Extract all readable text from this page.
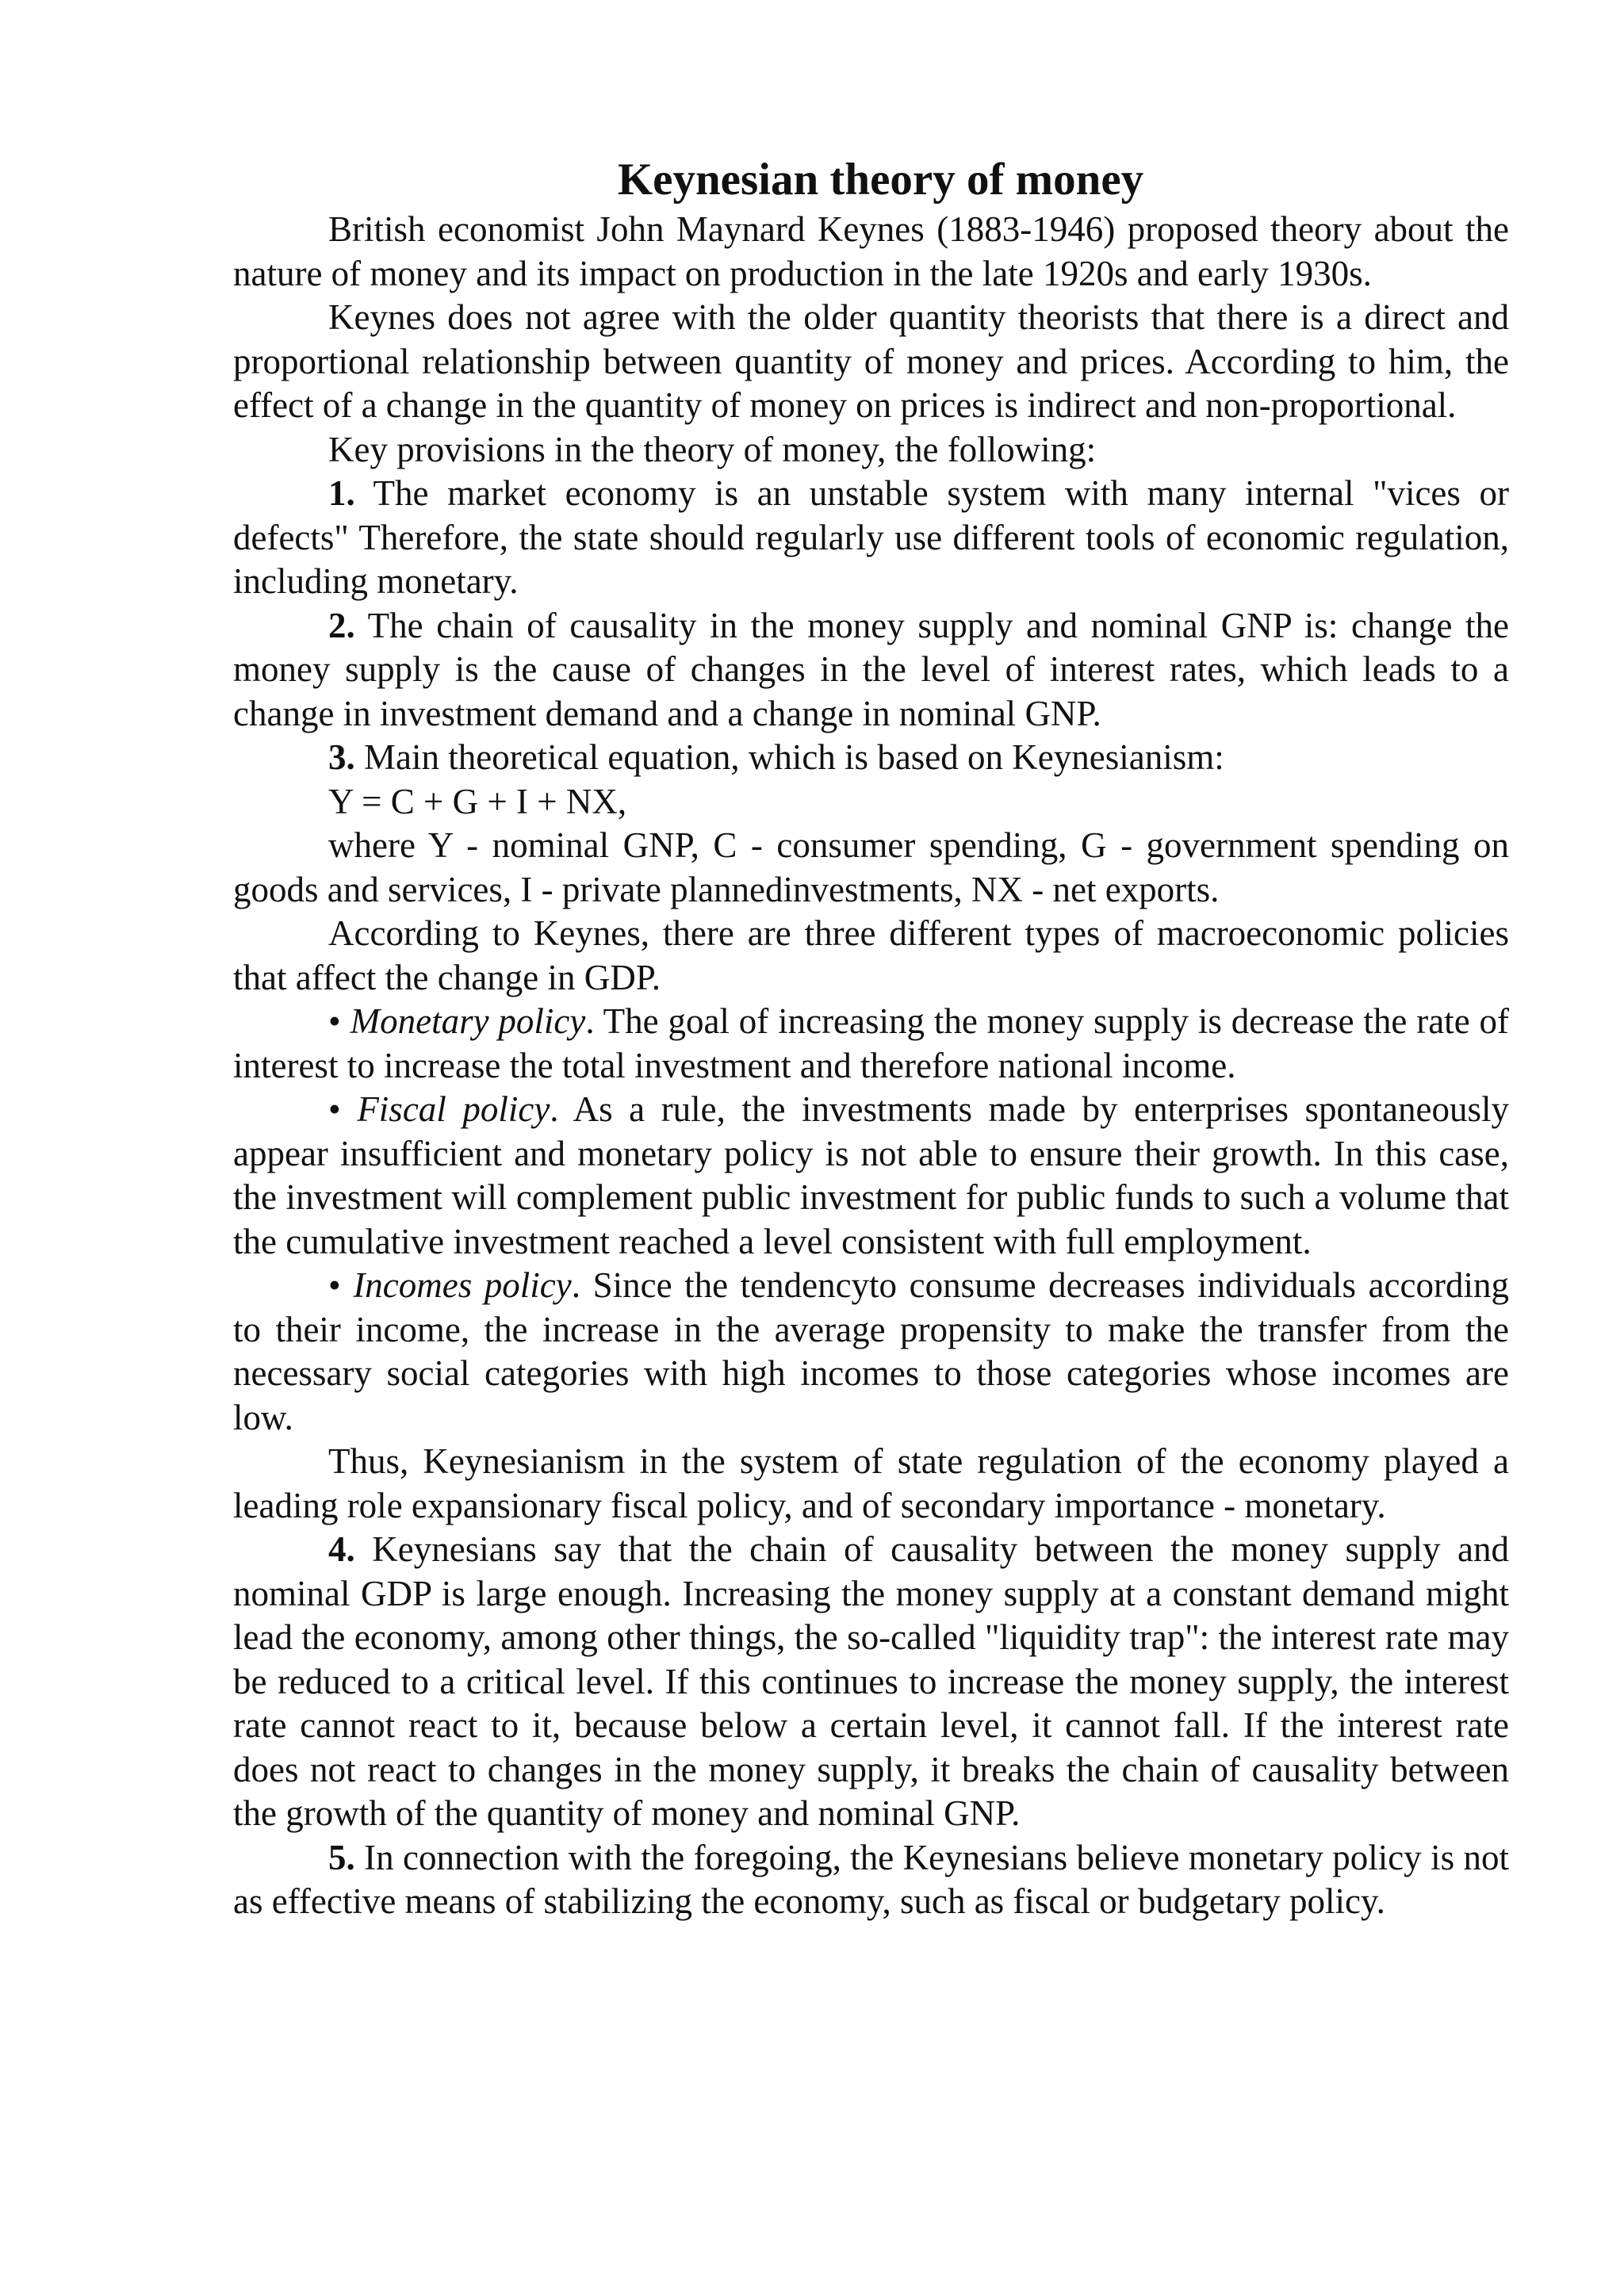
Keynesian theory of money

British economist John Maynard Keynes (1883-1946) proposed theory about the nature of money and its impact on production in the late 1920s and early 1930s.

Keynes does not agree with the older quantity theorists that there is a direct and proportional relationship between quantity of money and prices. According to him, the effect of a change in the quantity of money on prices is indirect and non-proportional.

Key provisions in the theory of money, the following:

1. The market economy is an unstable system with many internal "vices or defects" Therefore, the state should regularly use different tools of economic regulation, including monetary.

2. The chain of causality in the money supply and nominal GNP is: change the money supply is the cause of changes in the level of interest rates, which leads to a change in investment demand and a change in nominal GNP.

3. Main theoretical equation, which is based on Keynesianism:

Y = C + G + I + NX,

where Y - nominal GNP, C - consumer spending, G - government spending on goods and services, I - private plannedinvestments, NX - net exports.

According to Keynes, there are three different types of macroeconomic policies that affect the change in GDP.

• Monetary policy. The goal of increasing the money supply is decrease the rate of interest to increase the total investment and therefore national income.

• Fiscal policy. As a rule, the investments made by enterprises spontaneously appear insufficient and monetary policy is not able to ensure their growth. In this case, the investment will complement public investment for public funds to such a volume that the cumulative investment reached a level consistent with full employment.

• Incomes policy. Since the tendencyto consume decreases individuals according to their income, the increase in the average propensity to make the transfer from the necessary social categories with high incomes to those categories whose incomes are low.

Thus, Keynesianism in the system of state regulation of the economy played a leading role expansionary fiscal policy, and of secondary importance - monetary.

4. Keynesians say that the chain of causality between the money supply and nominal GDP is large enough. Increasing the money supply at a constant demand might lead the economy, among other things, the so-called "liquidity trap": the interest rate may be reduced to a critical level. If this continues to increase the money supply, the interest rate cannot react to it, because below a certain level, it cannot fall. If the interest rate does not react to changes in the money supply, it breaks the chain of causality between the growth of the quantity of money and nominal GNP.

5. In connection with the foregoing, the Keynesians believe monetary policy is not as effective means of stabilizing the economy, such as fiscal or budgetary policy.
